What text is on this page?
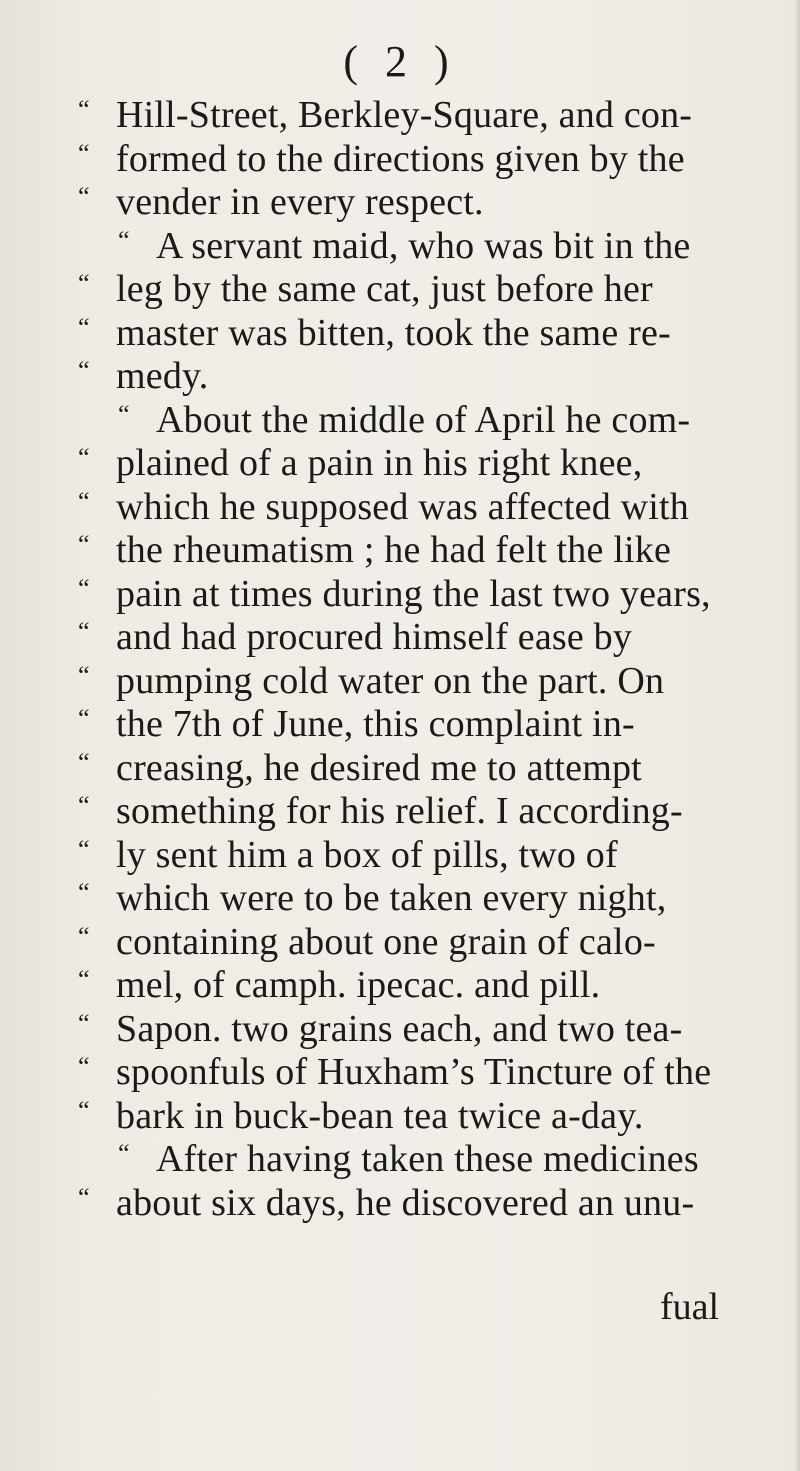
( 2 )
“ Hill-Street, Berkley-Square, and con-
“ formed to the directions given by the
“ vender in every respect.
“ A servant maid, who was bit in the
“ leg by the same cat, just before her
“ master was bitten, took the same re-
“ medy.
“ About the middle of April he com-
“ plained of a pain in his right knee,
“ which he supposed was affected with
“ the rheumatism ; he had felt the like
“ pain at times during the last two years,
“ and had procured himself ease by
“ pumping cold water on the part. On
“ the 7th of June, this complaint in-
“ creasing, he desired me to attempt
“ something for his relief. I according-
“ ly sent him a box of pills, two of
“ which were to be taken every night,
“ containing about one grain of calo-
“ mel, of camph. ipecac. and pill.
“ Sapon. two grains each, and two tea-
“ spoonfuls of Huxham’s Tincture of the
“ bark in buck-bean tea twice a-day.
“ After having taken these medicines
“ about six days, he discovered an unu-
fual
